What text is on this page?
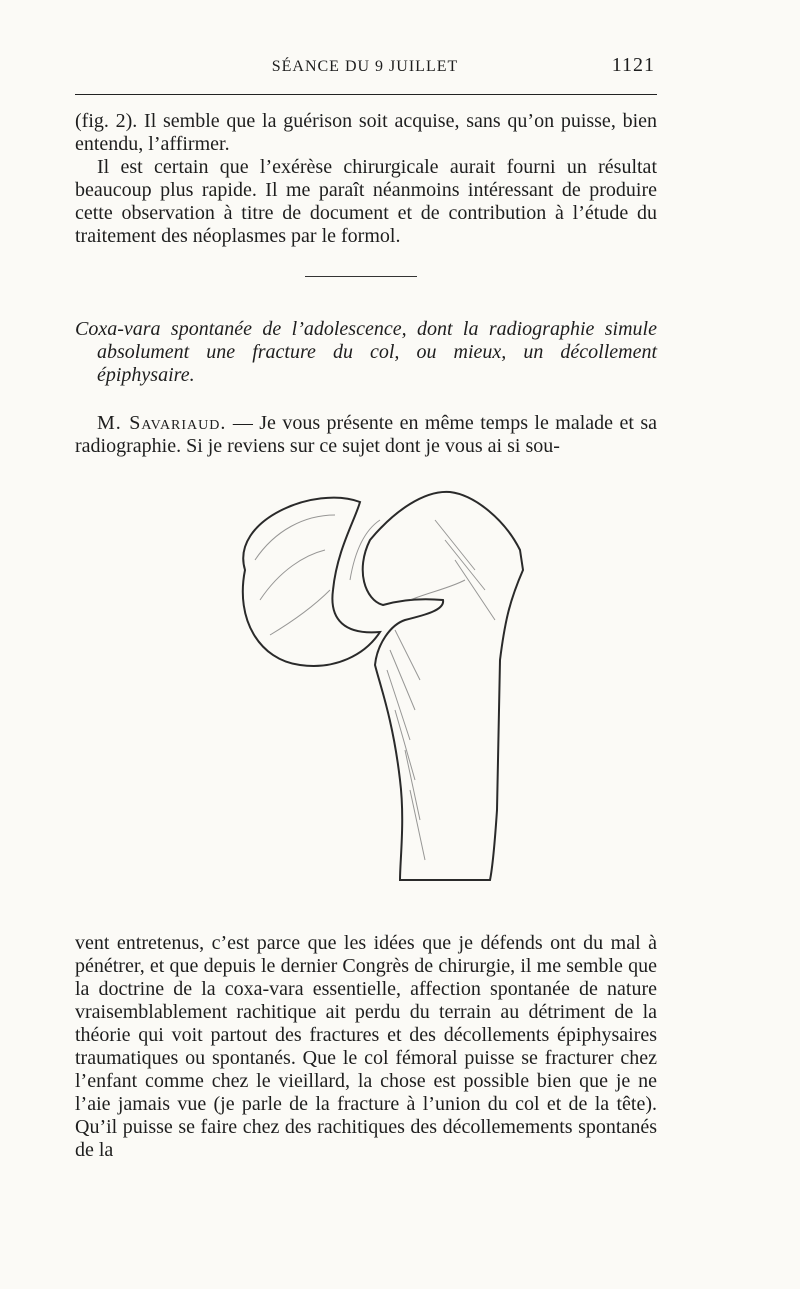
SÉANCE DU 9 JUILLET	1121

(fig. 2). Il semble que la guérison soit acquise, sans qu’on puisse, bien entendu, l’affirmer.

Il est certain que l’exérèse chirurgicale aurait fourni un résultat beaucoup plus rapide. Il me paraît néanmoins intéressant de produire cette observation à titre de document et de contribution à l’étude du traitement des néoplasmes par le formol.

Coxa-vara spontanée de l’adolescence, dont la radiographie simule absolument une fracture du col, ou mieux, un décollement épiphysaire.

M. Savariaud. — Je vous présente en même temps le malade et sa radiographie. Si je reviens sur ce sujet dont je vous ai si sou-

vent entretenus, c’est parce que les idées que je défends ont du mal à pénétrer, et que depuis le dernier Congrès de chirurgie, il me semble que la doctrine de la coxa-vara essentielle, affection spontanée de nature vraisemblablement rachitique ait perdu du terrain au détriment de la théorie qui voit partout des fractures et des décollements épiphysaires traumatiques ou spontanés. Que le col fémoral puisse se fracturer chez l’enfant comme chez le vieillard, la chose est possible bien que je ne l’aie jamais vue (je parle de la fracture à l’union du col et de la tête). Qu’il puisse se faire chez des rachitiques des décollemements spontanés de la
